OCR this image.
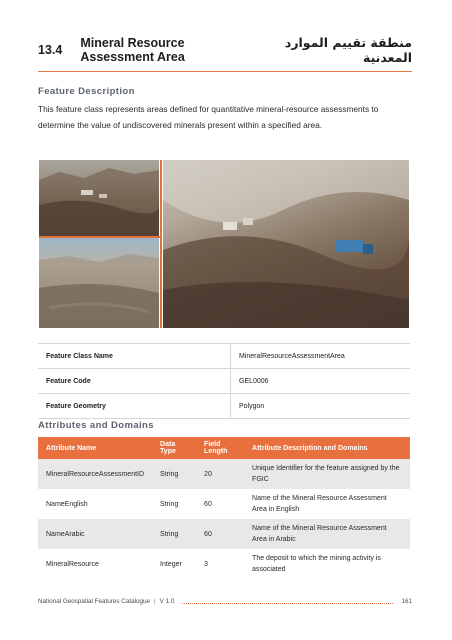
13.4 Mineral Resource Assessment Area
منطقة تقييم الموارد المعدنية
Feature Description
This feature class represents areas defined for quantitative mineral-resource assessments to determine the value of undiscovered minerals present within a specified area.
Feature Class Name	MineralResourceAssessmentArea
Feature Code	GEL0006
Feature Geometry	Polygon
Attributes and Domains
Attribute Name	Data Type	Field Length	Attribute Description and Domains
MineralResourceAssessmentID	String	20	Unique Identifier for the feature assigned by the FGIC
NameEnglish	String	60	Name of the Mineral Resource Assessment Area in English
NameArabic	String	60	Name of the Mineral Resource Assessment Area in Arabic
MineralResource	Integer	3	The deposit to which the mining activity is associated
National Geospatial Features Catalogue | V 1.0	161
